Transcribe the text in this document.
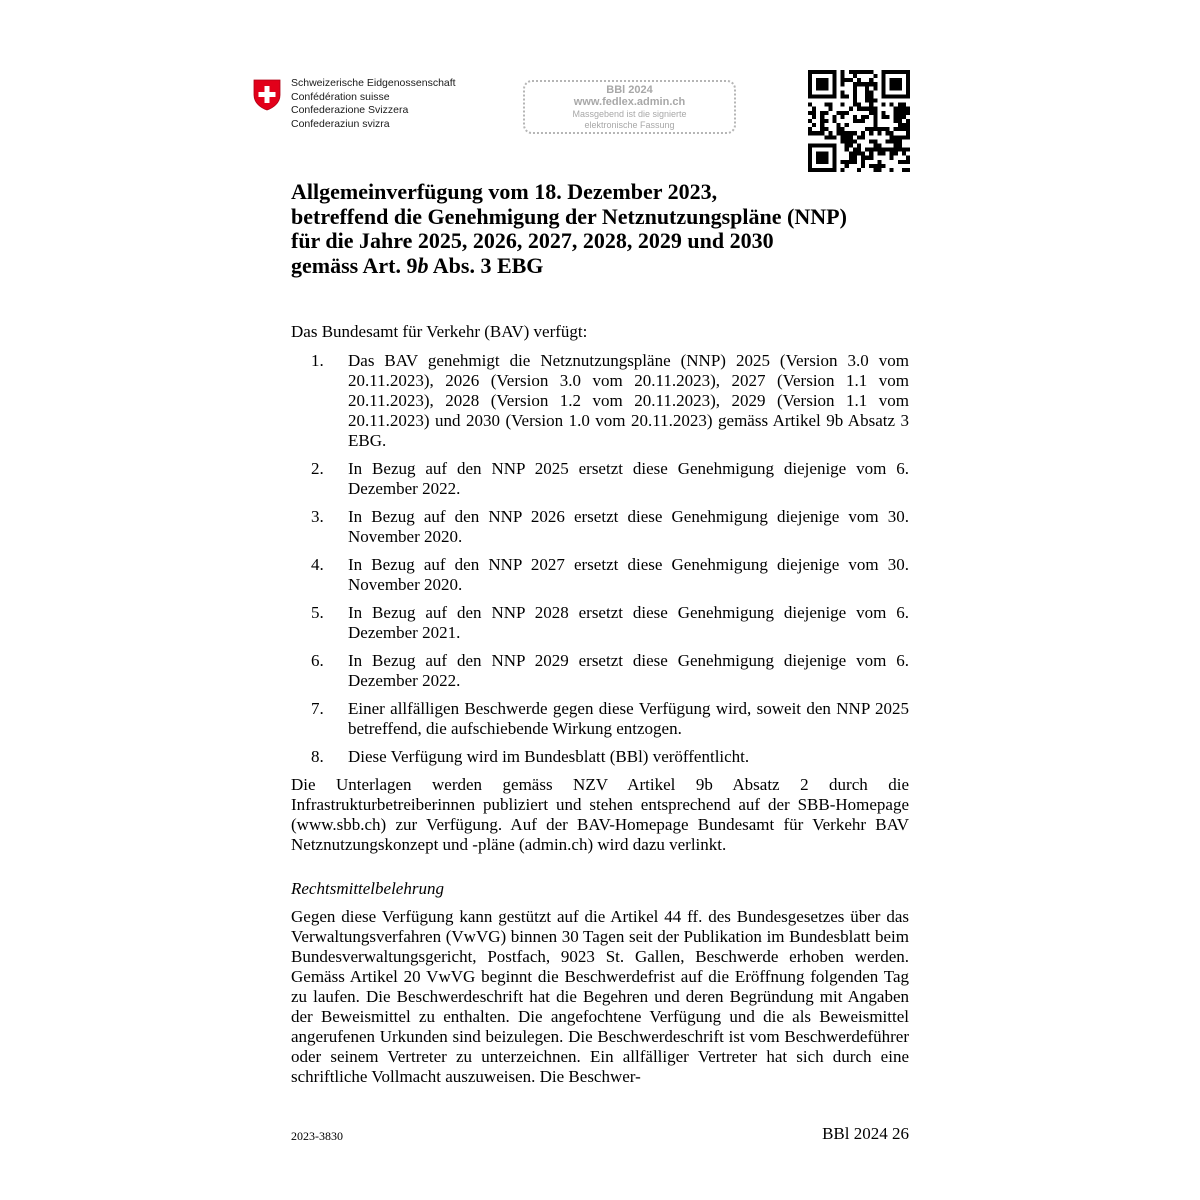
Schweizerische Eidgenossenschaft
Confédération suisse
Confederazione Svizzera
Confederaziun svizra
BBl 2024
www.fedlex.admin.ch
Massgebend ist die signierte
elektronische Fassung
Allgemeinverfügung vom 18. Dezember 2023,
betreffend die Genehmigung der Netznutzungspläne (NNP)
für die Jahre 2025, 2026, 2027, 2028, 2029 und 2030
gemäss Art. 9b Abs. 3 EBG

Das Bundesamt für Verkehr (BAV) verfügt:

1. Das BAV genehmigt die Netznutzungspläne (NNP) 2025 (Version 3.0 vom 20.11.2023), 2026 (Version 3.0 vom 20.11.2023), 2027 (Version 1.1 vom 20.11.2023), 2028 (Version 1.2 vom 20.11.2023), 2029 (Version 1.1 vom 20.11.2023) und 2030 (Version 1.0 vom 20.11.2023) gemäss Artikel 9b Absatz 3 EBG.
2. In Bezug auf den NNP 2025 ersetzt diese Genehmigung diejenige vom 6. Dezember 2022.
3. In Bezug auf den NNP 2026 ersetzt diese Genehmigung diejenige vom 30. November 2020.
4. In Bezug auf den NNP 2027 ersetzt diese Genehmigung diejenige vom 30. November 2020.
5. In Bezug auf den NNP 2028 ersetzt diese Genehmigung diejenige vom 6. Dezember 2021.
6. In Bezug auf den NNP 2029 ersetzt diese Genehmigung diejenige vom 6. Dezember 2022.
7. Einer allfälligen Beschwerde gegen diese Verfügung wird, soweit den NNP 2025 betreffend, die aufschiebende Wirkung entzogen.
8. Diese Verfügung wird im Bundesblatt (BBl) veröffentlicht.

Die Unterlagen werden gemäss NZV Artikel 9b Absatz 2 durch die Infrastrukturbetreiberinnen publiziert und stehen entsprechend auf der SBB-Homepage (www.sbb.ch) zur Verfügung. Auf der BAV-Homepage Bundesamt für Verkehr BAV Netznutzungskonzept und -pläne (admin.ch) wird dazu verlinkt.

Rechtsmittelbelehrung

Gegen diese Verfügung kann gestützt auf die Artikel 44 ff. des Bundesgesetzes über das Verwaltungsverfahren (VwVG) binnen 30 Tagen seit der Publikation im Bundesblatt beim Bundesverwaltungsgericht, Postfach, 9023 St. Gallen, Beschwerde erhoben werden. Gemäss Artikel 20 VwVG beginnt die Beschwerdefrist auf die Eröffnung folgenden Tag zu laufen. Die Beschwerdeschrift hat die Begehren und deren Begründung mit Angaben der Beweismittel zu enthalten. Die angefochtene Verfügung und die als Beweismittel angerufenen Urkunden sind beizulegen. Die Beschwerdeschrift ist vom Beschwerdeführer oder seinem Vertreter zu unterzeichnen. Ein allfälliger Vertreter hat sich durch eine schriftliche Vollmacht auszuweisen. Die Beschwer-

2023-3830	BBl 2024 26
